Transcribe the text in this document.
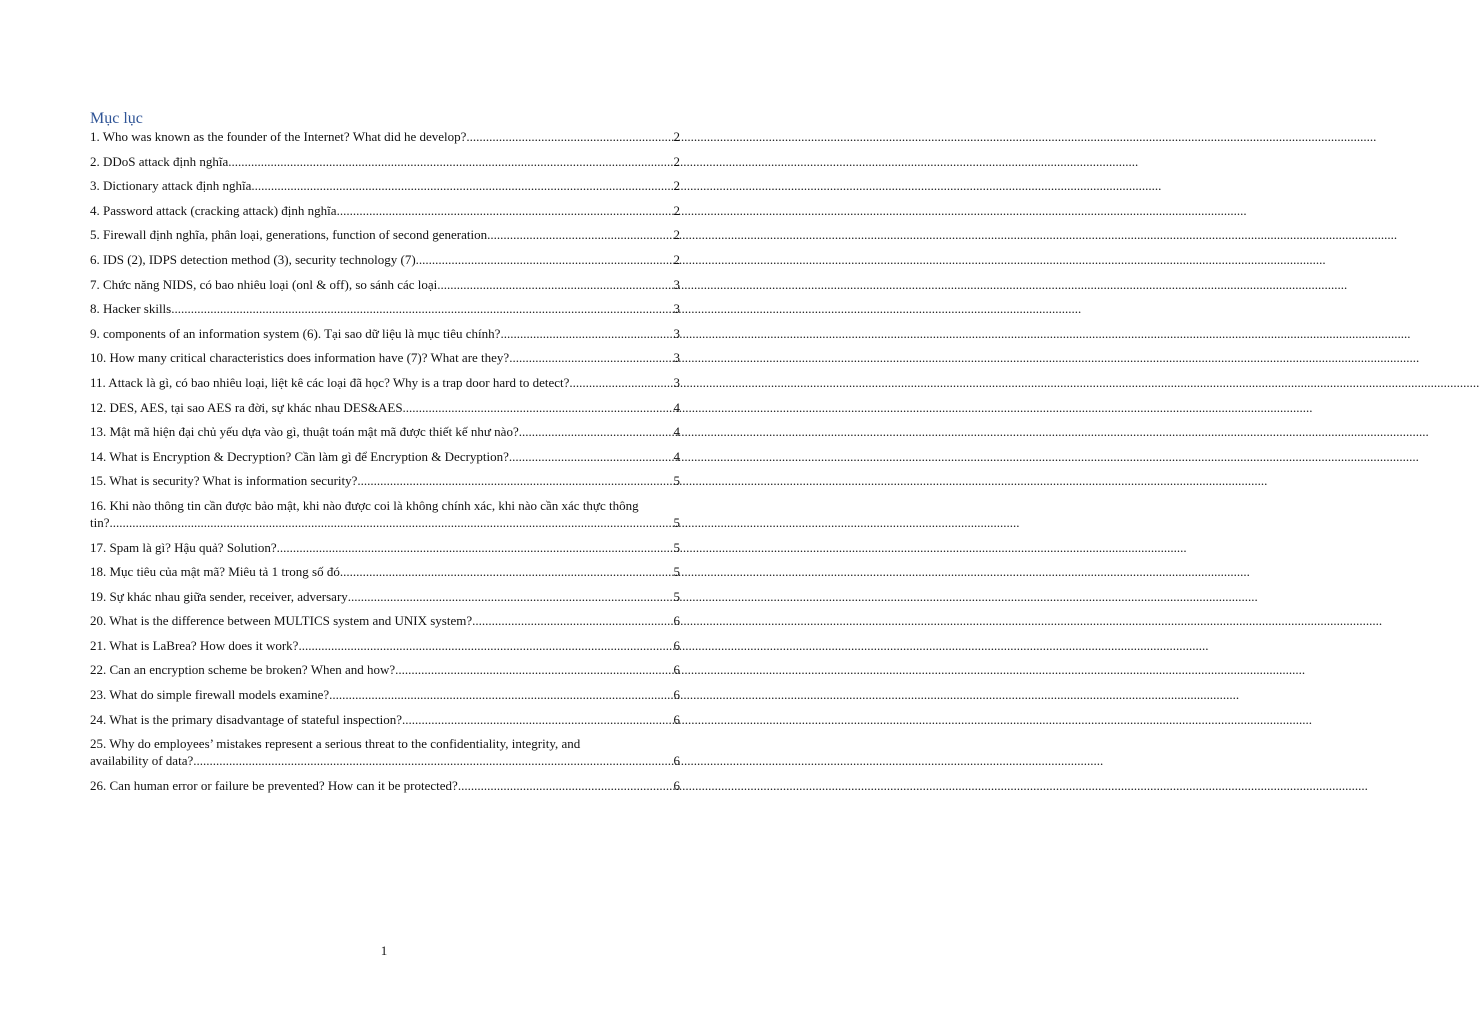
Mục lục
1. Who was known as the founder of the Internet? What did he develop? .....	2
2. DDoS attack định nghĩa .....	2
3. Dictionary attack định nghĩa .....	2
4. Password attack (cracking attack) định nghĩa .....	2
5. Firewall định nghĩa, phân loại, generations, function of second generation .....	2
6. IDS (2), IDPS detection method (3), security technology (7) .....	2
7. Chức năng NIDS, có bao nhiêu loại (onl & off), so sánh các loại .....	3
8. Hacker skills .....	3
9. components of an information system (6). Tại sao dữ liệu là mục tiêu chính? .....	3
10. How many critical characteristics does information have (7)? What are they? .....	3
11. Attack là gì, có bao nhiêu loại, liệt kê các loại đã học? Why is a trap door hard to detect? .....	3
12. DES, AES, tại sao AES ra đời, sự khác nhau DES&AES .....	4
13. Mật mã hiện đại chủ yếu dựa vào gì, thuật toán mật mã được thiết kế như nào? .....	4
14. What is Encryption & Decryption? Cần làm gì để Encryption & Decryption? .....	4
15. What is security? What is information security? .....	5
16. Khi nào thông tin cần được bảo mật, khi nào được coi là không chính xác, khi nào cần xác thực thông
tin? .....	5
17. Spam là gì? Hậu quả? Solution? .....	5
18. Mục tiêu của mật mã? Miêu tả 1 trong số đó .....	5
19. Sự khác nhau giữa sender, receiver, adversary .....	5
20. What is the difference between MULTICS system and UNIX system? .....	6
21. What is LaBrea? How does it work? .....	6
22. Can an encryption scheme be broken? When and how? .....	6
23. What do simple firewall models examine? .....	6
24. What is the primary disadvantage of stateful inspection? .....	6
25. Why do employees’ mistakes represent a serious threat to the confidentiality, integrity, and
availability of data? .....	6
26. Can human error or failure be prevented? How can it be protected? .....	6
1
